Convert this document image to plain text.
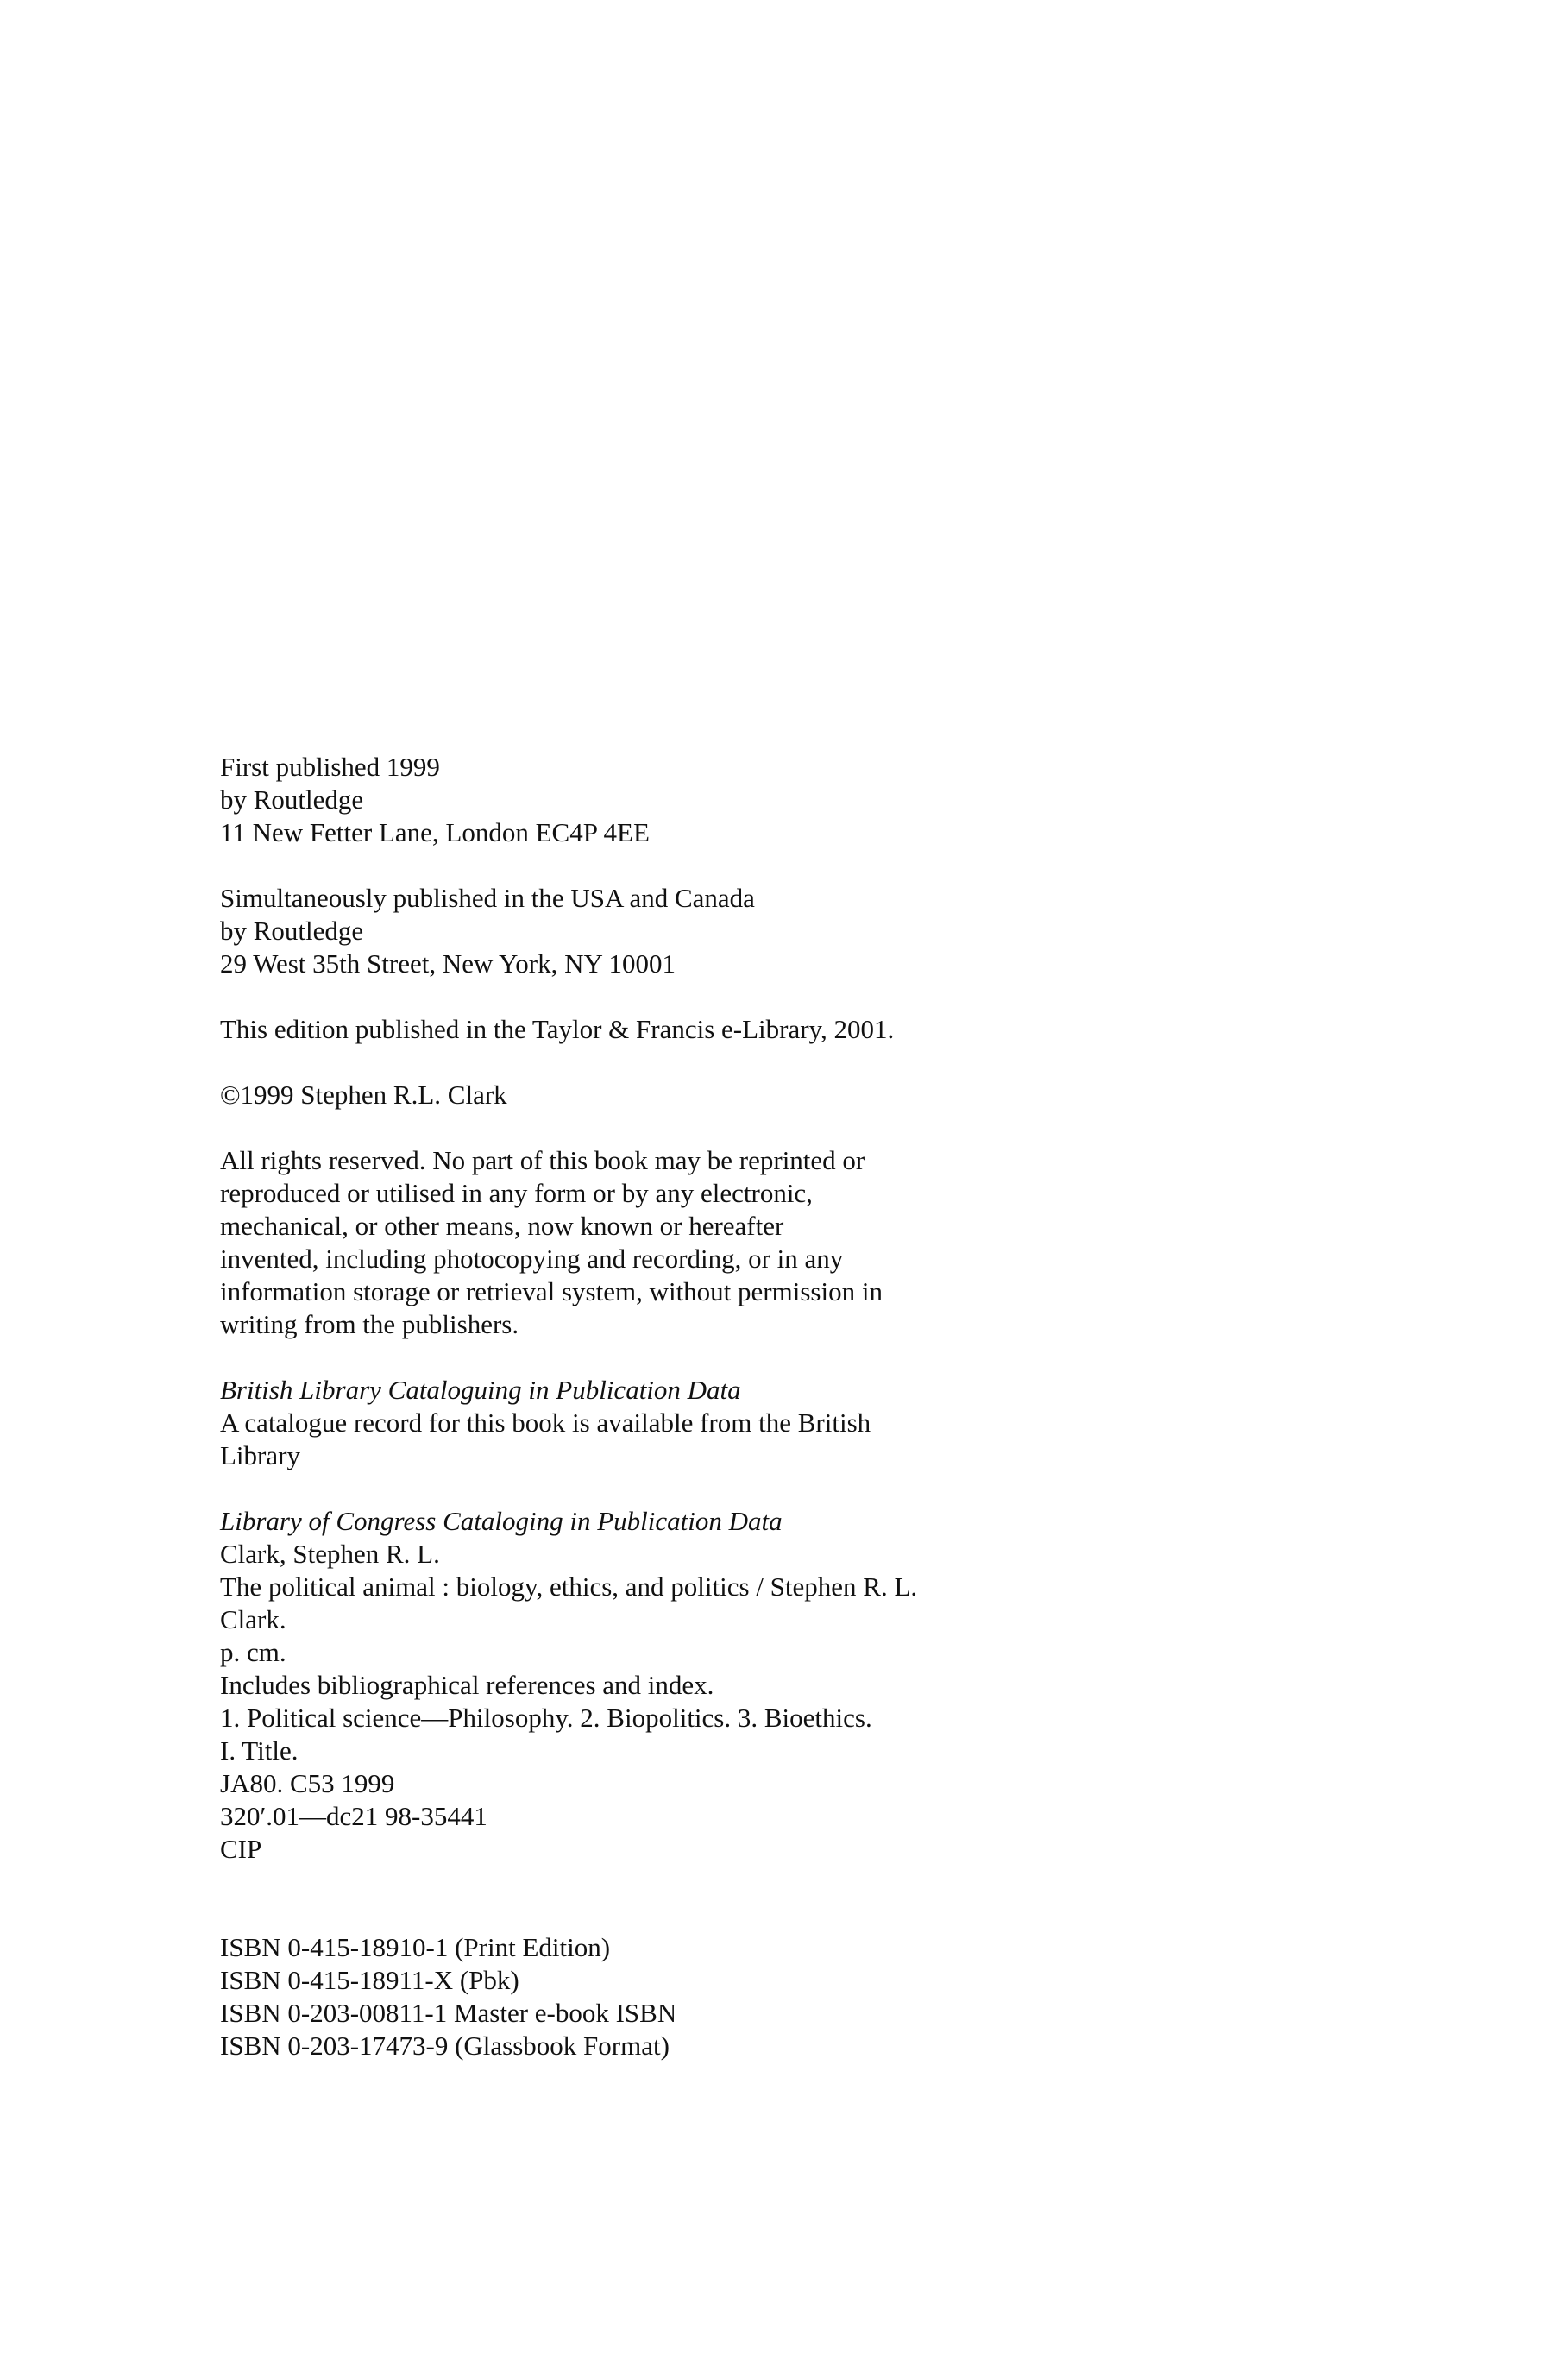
First published 1999
by Routledge
11 New Fetter Lane, London EC4P 4EE
Simultaneously published in the USA and Canada
by Routledge
29 West 35th Street, New York, NY 10001
This edition published in the Taylor & Francis e-Library, 2001.
©1999 Stephen R.L. Clark
All rights reserved. No part of this book may be reprinted or
reproduced or utilised in any form or by any electronic,
mechanical, or other means, now known or hereafter
invented, including photocopying and recording, or in any
information storage or retrieval system, without permission in
writing from the publishers.
British Library Cataloguing in Publication Data
A catalogue record for this book is available from the British
Library
Library of Congress Cataloging in Publication Data
Clark, Stephen R. L.
The political animal : biology, ethics, and politics / Stephen R. L.
Clark.
p. cm.
Includes bibliographical references and index.
1. Political science—Philosophy. 2. Biopolitics. 3. Bioethics.
I. Title.
JA80. C53 1999
320′.01—dc21 98-35441
CIP
ISBN 0-415-18910-1 (Print Edition)
ISBN 0-415-18911-X (Pbk)
ISBN 0-203-00811-1 Master e-book ISBN
ISBN 0-203-17473-9 (Glassbook Format)
